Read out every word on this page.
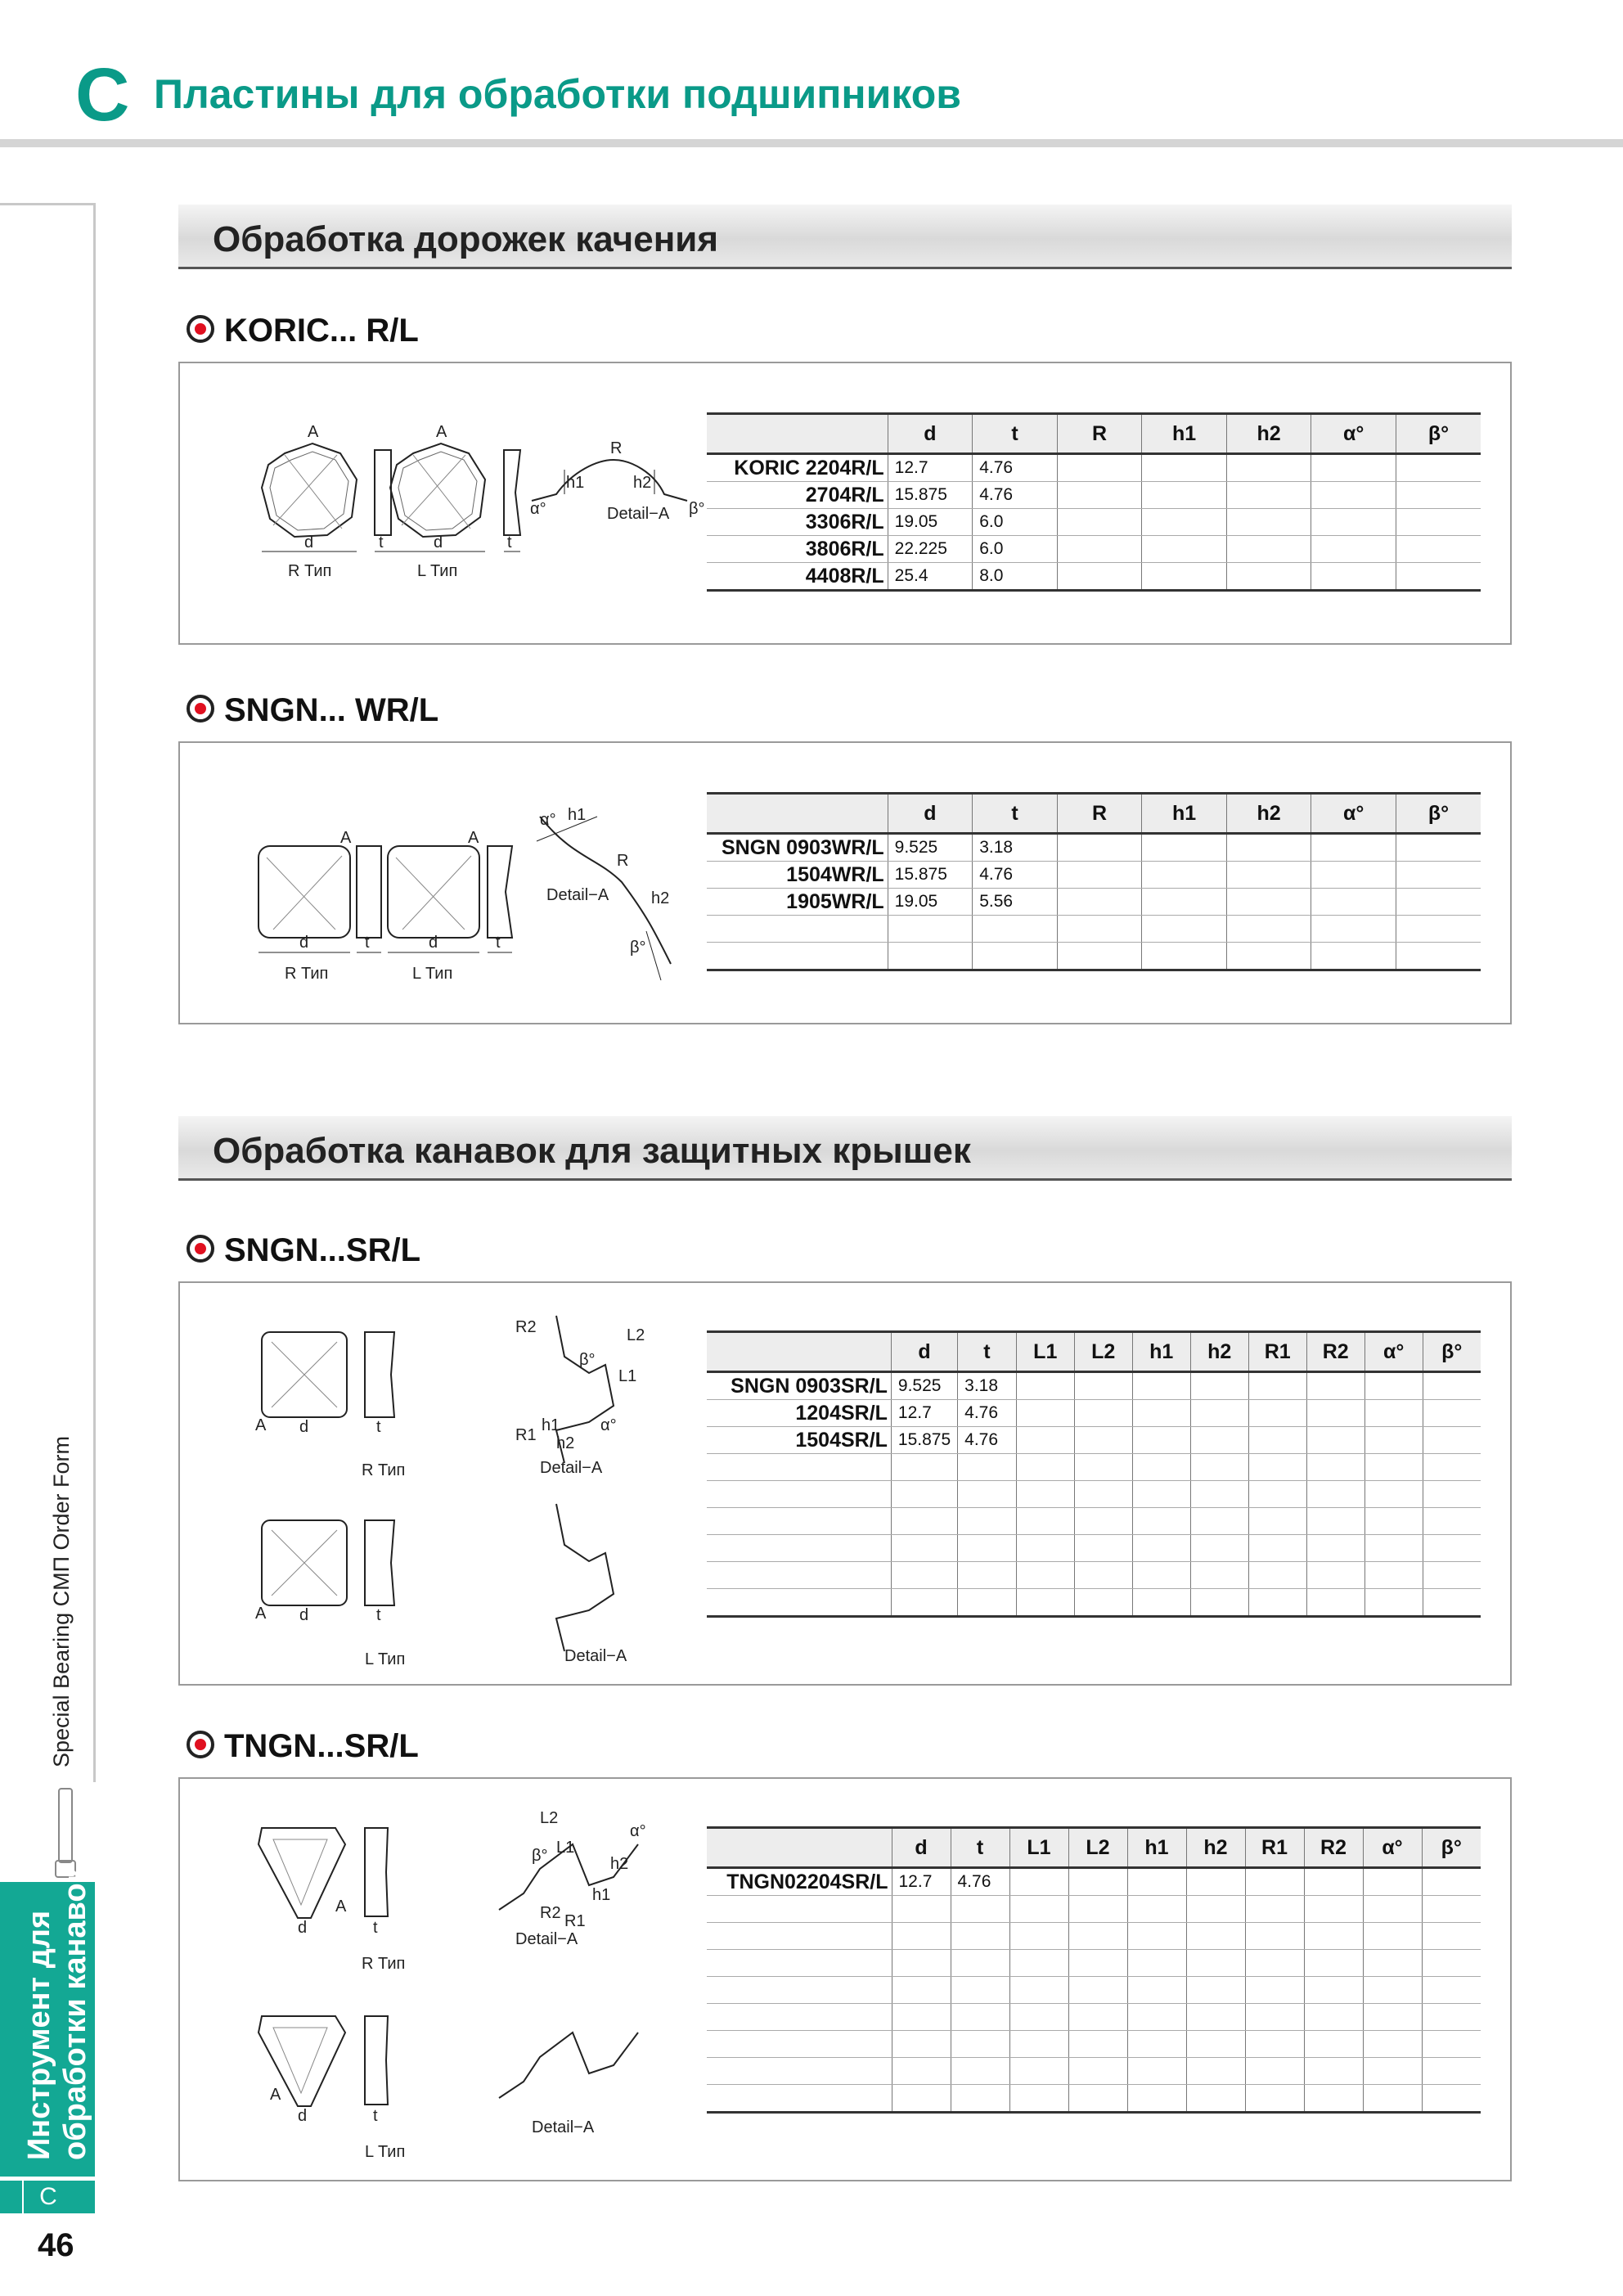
C Пластины для обработки подшипников
Special Bearing CMП Order Form
Инструмент для обработки канавок
C
46
Обработка дорожек качения
KORIC... R/L
A	A
d	d
t	t
R Тип	L Тип
Detail−A
R
h1	h2
α°	β°
	d	t	R	h1	h2	α°	β°
KORIC 2204R/L	12.7	4.76					
2704R/L	15.875	4.76					
3306R/L	19.05	6.0					
3806R/L	22.225	6.0					
4408R/L	25.4	8.0					
SNGN... WR/L
A	A
d	d
t	t
R Тип	L Тип
Detail−A
R
h1
h2
α°
β°
	d	t	R	h1	h2	α°	β°
SNGN 0903WR/L	9.525	3.18					
1504WR/L	15.875	4.76					
1905WR/L	19.05	5.56					

Обработка канавок для защитных крышек
SNGN...SR/L
A
A
d
d
t
t
R Тип
L Тип
Detail−A
Detail−A
R2	L2
L1
β°
α°
R1
h1
h2
	d	t	L1	L2	h1	h2	R1	R2	α°	β°
SNGN 0903SR/L	9.525	3.18								
1204SR/L	12.7	4.76								
1504SR/L	15.875	4.76								

TNGN...SR/L
A
A
d
d
t
t
R Тип
L Тип
Detail−A
Detail−A
L2
L1
β°
α°
R2 R1
h1
h2
	d	t	L1	L2	h1	h2	R1	R2	α°	β°
TNGN02204SR/L	12.7	4.76								
